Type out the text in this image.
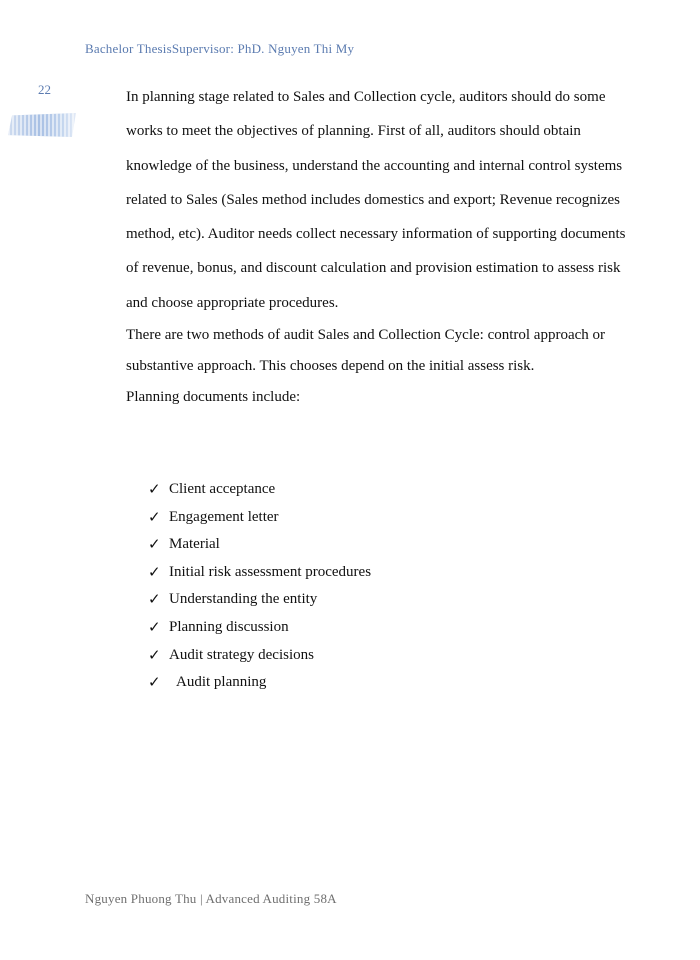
Bachelor ThesisSupervisor: PhD. Nguyen Thi My
22	In planning stage related to Sales and Collection cycle, auditors should do some works to meet the objectives of planning. First of all, auditors should obtain knowledge of the business, understand the accounting and internal control systems related to Sales (Sales method includes domestics and export; Revenue recognizes method, etc). Auditor needs collect necessary information of supporting documents of revenue, bonus, and discount calculation and provision estimation to assess risk and choose appropriate procedures.

There are two methods of audit Sales and Collection Cycle: control approach or substantive approach. This chooses depend on the initial assess risk.

Planning documents include:

✓ Client acceptance
✓ Engagement letter
✓ Material
✓ Initial risk assessment procedures
✓ Understanding the entity
✓ Planning discussion
✓ Audit strategy decisions
✓	Audit planning
Nguyen Phuong Thu | Advanced Auditing 58A
